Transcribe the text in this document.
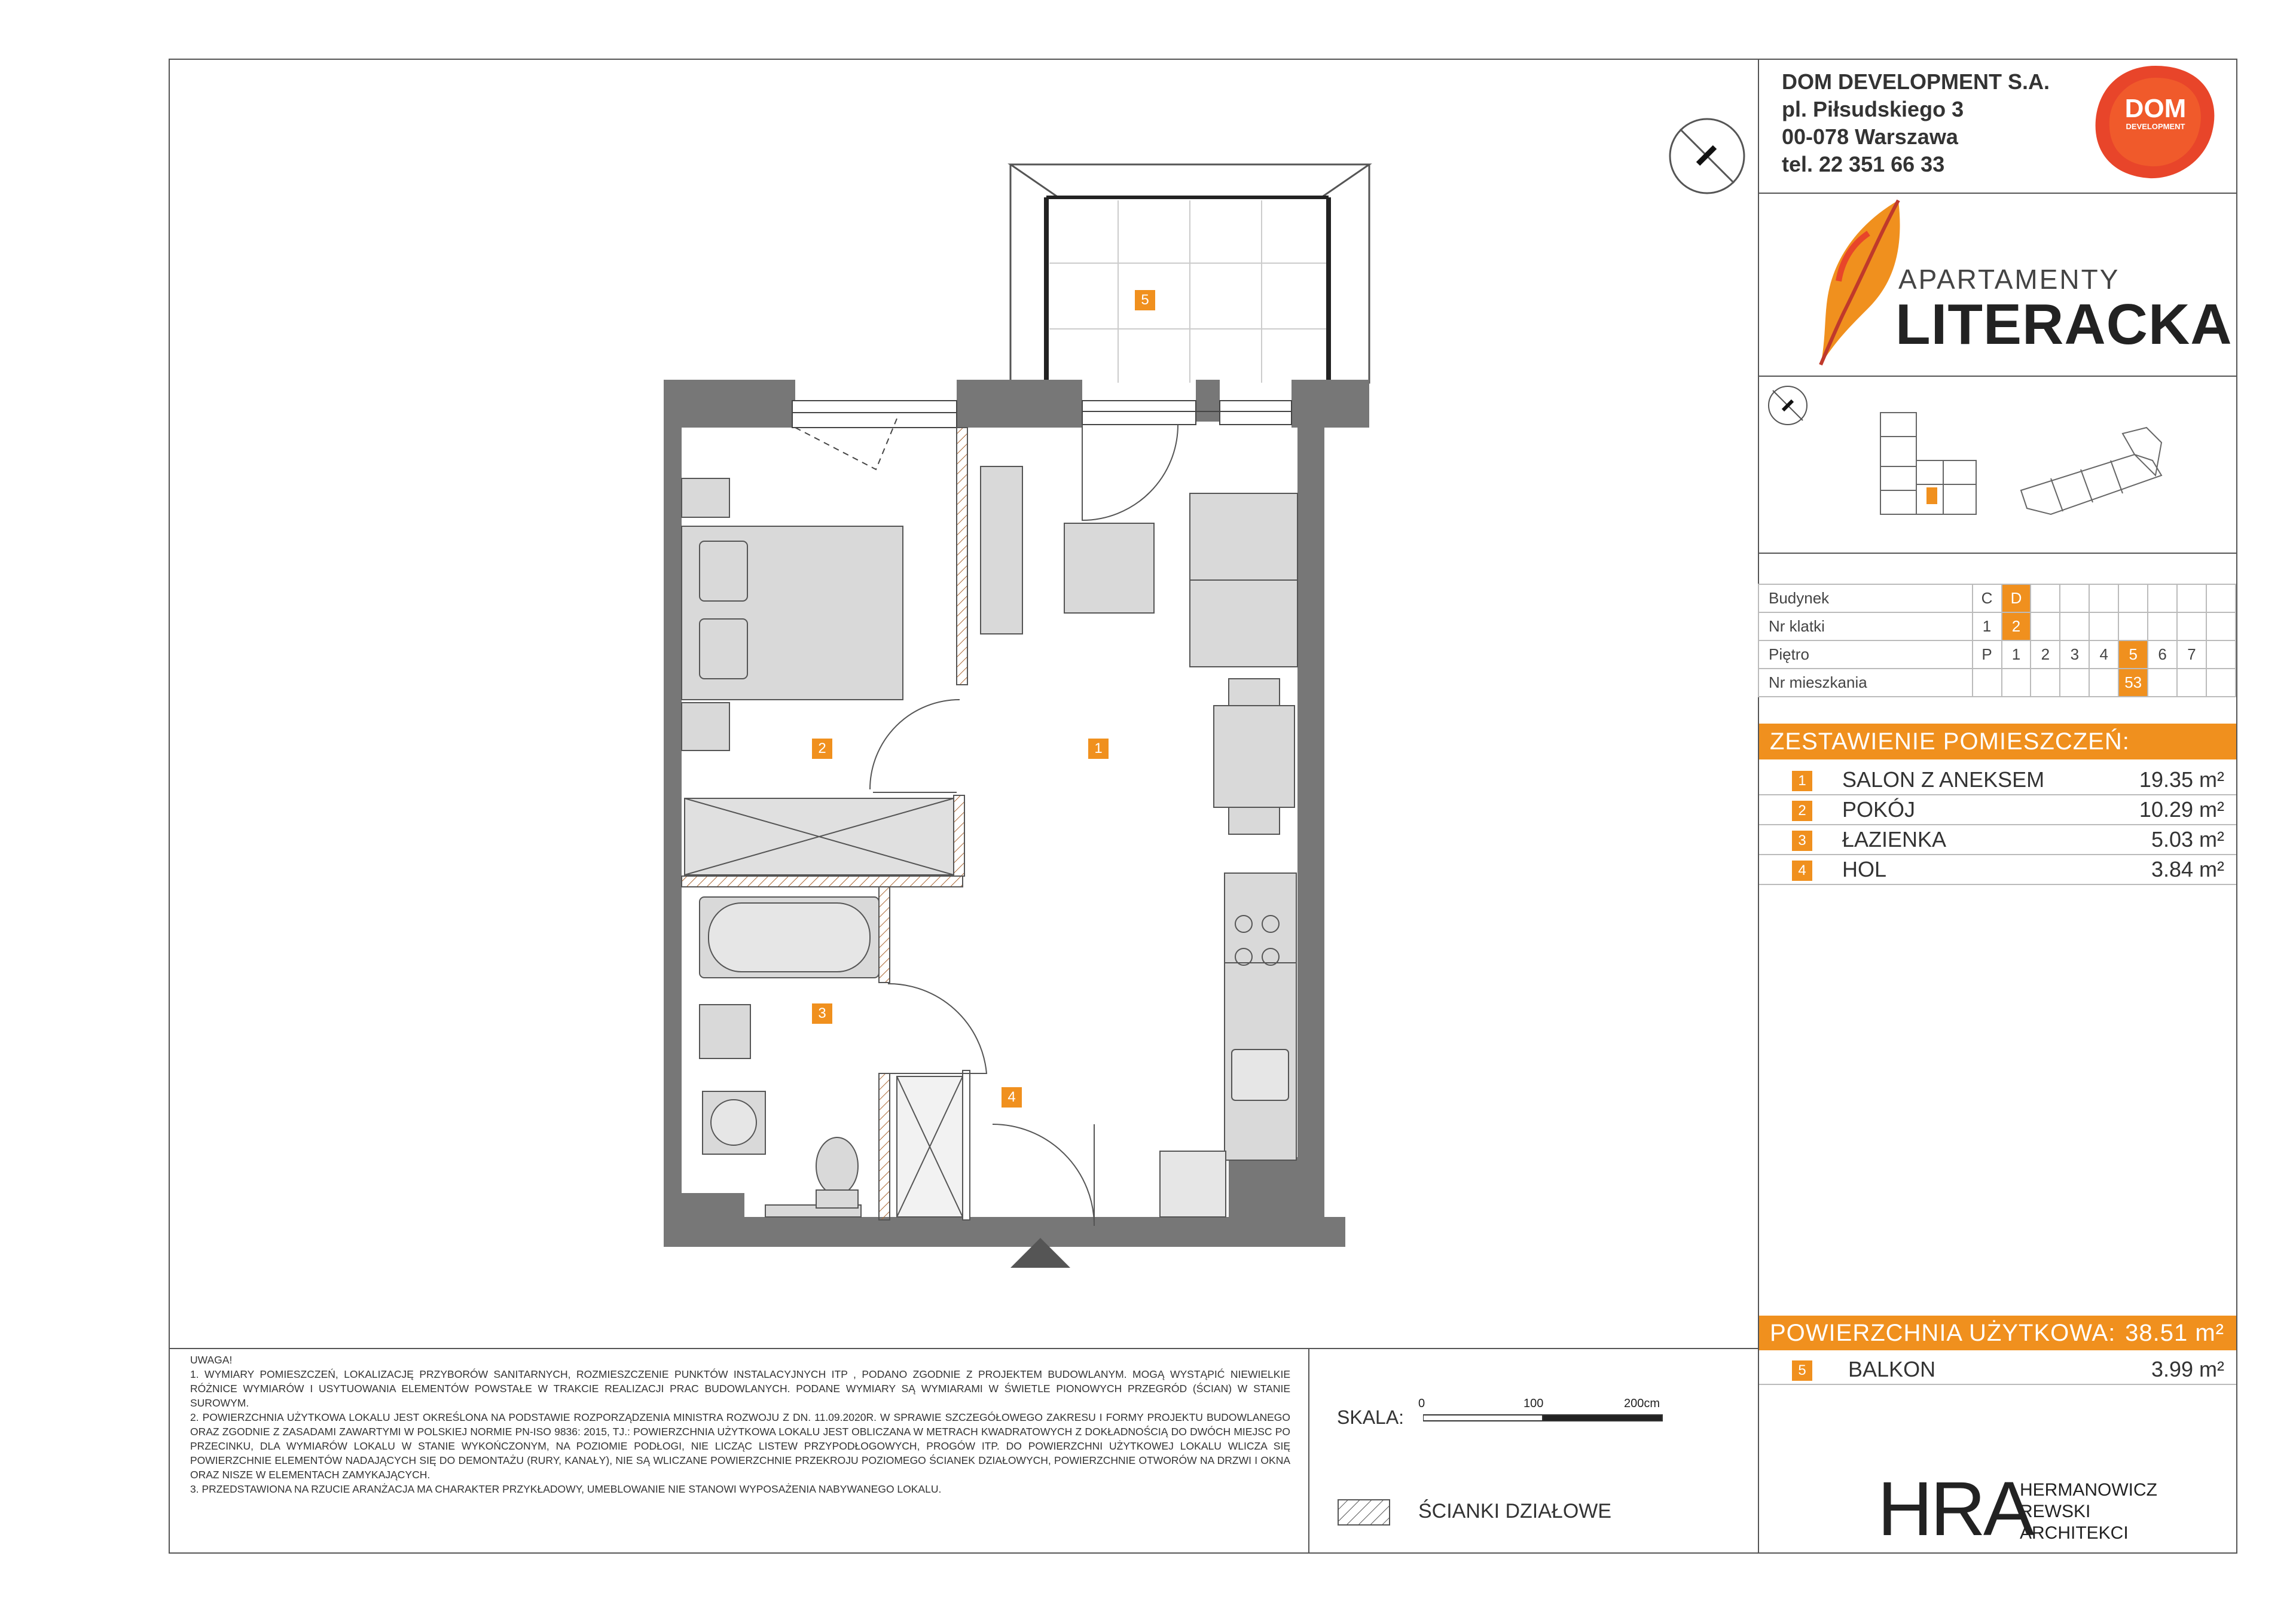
1
2
3
4
5
DOM DEVELOPMENT S.A.
pl. Piłsudskiego 3
00-078 Warszawa
tel. 22 351 66 33
DOM
DEVELOPMENT
APARTAMENTY
LITERACKA
Budynek	C	D							
Nr klatki	1	2							
Piętro	P	1	2	3	4	5	6	7	
Nr mieszkania						53			
ZESTAWIENIE POMIESZCZEŃ:
1 SALON Z ANEKSEM	19.35 m²
2 POKÓJ	10.29 m²
3 ŁAZIENKA	5.03 m²
4 HOL	3.84 m²
POWIERZCHNIA UŻYTKOWA: 38.51 m²
5 BALKON	3.99 m²
UWAGA!
1. WYMIARY POMIESZCZEŃ, LOKALIZACJĘ PRZYBORÓW SANITARNYCH, ROZMIESZCZENIE PUNKTÓW INSTALACYJNYCH ITP , PODANO ZGODNIE Z PROJEKTEM BUDOWLANYM. MOGĄ WYSTĄPIĆ NIEWIELKIE RÓŻNICE WYMIARÓW I USYTUOWANIA ELEMENTÓW POWSTAŁE W TRAKCIE REALIZACJI PRAC BUDOWLANYCH. PODANE WYMIARY SĄ WYMIARAMI W ŚWIETLE PIONOWYCH PRZEGRÓD (ŚCIAN) W STANIE SUROWYM.
2. POWIERZCHNIA UŻYTKOWA LOKALU JEST OKREŚLONA NA PODSTAWIE ROZPORZĄDZENIA MINISTRA ROZWOJU Z DN. 11.09.2020R. W SPRAWIE SZCZEGÓŁOWEGO ZAKRESU I FORMY PROJEKTU BUDOWLANEGO ORAZ ZGODNIE Z ZASADAMI ZAWARTYMI W POLSKIEJ NORMIE PN-ISO 9836: 2015, TJ.: POWIERZCHNIA UŻYTKOWA LOKALU JEST OBLICZANA W METRACH KWADRATOWYCH Z DOKŁADNOŚCIĄ DO DWÓCH MIEJSC PO PRZECINKU, DLA WYMIARÓW LOKALU W STANIE WYKOŃCZONYM, NA POZIOMIE PODŁOGI, NIE LICZĄC LISTEW PRZYPODŁOGOWYCH, PROGÓW ITP. DO POWIERZCHNI UŻYTKOWEJ LOKALU WLICZA SIĘ POWIERZCHNIE ELEMENTÓW NADAJĄCYCH SIĘ DO DEMONTAŻU (RURY, KANAŁY), NIE SĄ WLICZANE POWIERZCHNIE PRZEKROJU POZIOMEGO ŚCIANEK DZIAŁOWYCH, POWIERZCHNIE OTWORÓW NA DRZWI I OKNA ORAZ NISZE W ELEMENTACH ZAMYKAJĄCYCH.
3. PRZEDSTAWIONA NA RZUCIE ARANŻACJA MA CHARAKTER PRZYKŁADOWY, UMEBLOWANIE NIE STANOWI WYPOSAŻENIA NABYWANEGO LOKALU.
SKALA:
0	100	200cm
ŚCIANKI DZIAŁOWE	HRA
HERMANOWICZ
REWSKI
ARCHITEKCI
